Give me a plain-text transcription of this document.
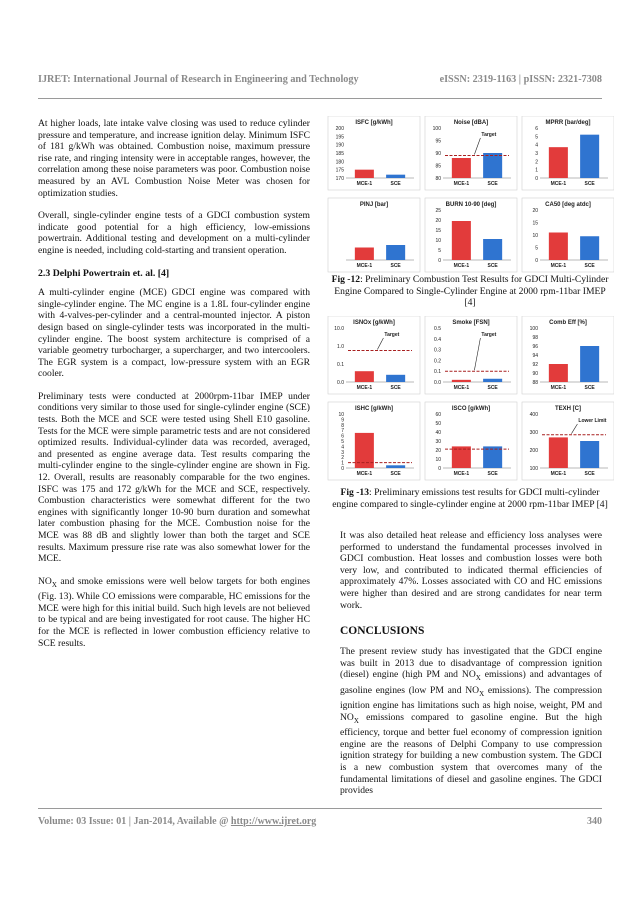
IJRET: International Journal of Research in Engineering and Technology	eISSN: 2319-1163 | pISSN: 2321-7308

At higher loads, late intake valve closing was used to reduce cylinder pressure and temperature, and increase ignition delay. Minimum ISFC of 181 g/kWh was obtained. Combustion noise, maximum pressure rise rate, and ringing intensity were in acceptable ranges, however, the correlation among these noise parameters was poor. Combustion noise measured by an AVL Combustion Noise Meter was chosen for optimization studies.

Overall, single-cylinder engine tests of a GDCI combustion system indicate good potential for a high efficiency, low-emissions powertrain. Additional testing and development on a multi-cylinder engine is needed, including cold-starting and transient operation.

2.3 Delphi Powertrain et. al. [4]

A multi-cylinder engine (MCE) GDCI engine was compared with single-cylinder engine. The MC engine is a 1.8L four-cylinder engine with 4-valves-per-cylinder and a central-mounted injector. A piston design based on single-cylinder tests was incorporated in the multi-cylinder engine. The boost system architecture is comprised of a variable geometry turbocharger, a supercharger, and two intercoolers. The EGR system is a compact, low-pressure system with an EGR cooler.

Preliminary tests were conducted at 2000rpm-11bar IMEP under conditions very similar to those used for single-cylinder engine (SCE) tests. Both the MCE and SCE were tested using Shell E10 gasoline. Tests for the MCE were simple parametric tests and are not considered optimized results. Individual-cylinder data was recorded, averaged, and presented as engine average data. Test results comparing the multi-cylinder engine to the single-cylinder engine are shown in Fig. 12. Overall, results are reasonably comparable for the two engines. ISFC was 175 and 172 g/kWh for the MCE and SCE, respectively. Combustion characteristics were somewhat different for the two engines with significantly longer 10-90 burn duration and somewhat later combustion phasing for the MCE. Combustion noise for the MCE was 88 dB and slightly lower than both the target and SCE results. Maximum pressure rise rate was also somewhat lower for the MCE.

$NO_X$ and smoke emissions were well below targets for both engines (Fig. 13). While CO emissions were comparable, HC emissions for the MCE were high for this initial build. Such high levels are not believed to be typical and are being investigated for root cause. The higher HC for the MCE is reflected in lower combustion efficiency relative to SCE results.

ISFC [g/kWh]
170
175
180
185
190
195
200
MCE-1	SCE
Noise [dBA]
80
85
90
95
100
MCE-1	SCE
Target
MPRR [bar/deg]
0
1
2
3
4
5
6
MCE-1	SCE
PINJ [bar]
MCE-1	SCE
BURN 10-90 [deg]
0
5
10
15
20
25
MCE-1	SCE
CA50 [deg atdc]
0
5
10
15
20
MCE-1	SCE
Fig -12: Preliminary Combustion Test Results for GDCI Multi-Cylinder Engine Compared to Single-Cylinder Engine at 2000 rpm-11bar IMEP [4]
ISNOx [g/kWh]
0.0
0.1
1.0
10.0
MCE-1	SCE
Target
Smoke [FSN]
0.0
0.1
0.2
0.3
0.4
0.5
MCE-1	SCE
Target
Comb Eff [%]
88
90
92
94
96
98
100
MCE-1	SCE
ISHC [g/kWh]
0
1
2
3
4
5
6
7
8
9
10
MCE-1	SCE
ISCO [g/kWh]
0
10
20
30
40
50
60
MCE-1	SCE
TEXH [C]
100
200
300
400
MCE-1	SCE
Lower Limit
Fig -13: Preliminary emissions test results for GDCI multi-cylinder engine compared to single-cylinder engine at 2000 rpm-11bar IMEP [4]

It was also detailed heat release and efficiency loss analyses were performed to understand the fundamental processes involved in GDCI combustion. Heat losses and combustion losses were both very low, and contributed to indicated thermal efficiencies of approximately 47%. Losses associated with CO and HC emissions were higher than desired and are strong candidates for near term work.

CONCLUSIONS

The present review study has investigated that the GDCI engine was built in 2013 due to disadvantage of compression ignition (diesel) engine (high PM and $NO_X$ emissions) and advantages of gasoline engines (low PM and $NO_X$ emissions). The compression ignition engine has limitations such as high noise, weight, PM and $NO_X$ emissions compared to gasoline engine. But the high efficiency, torque and better fuel economy of compression ignition engine are the reasons of Delphi Company to use compression ignition strategy for building a new combustion system. The GDCI is a new combustion system that overcomes many of the fundamental limitations of diesel and gasoline engines. The GDCI provides

Volume: 03 Issue: 01 | Jan-2014, Available @ http://www.ijret.org	340
